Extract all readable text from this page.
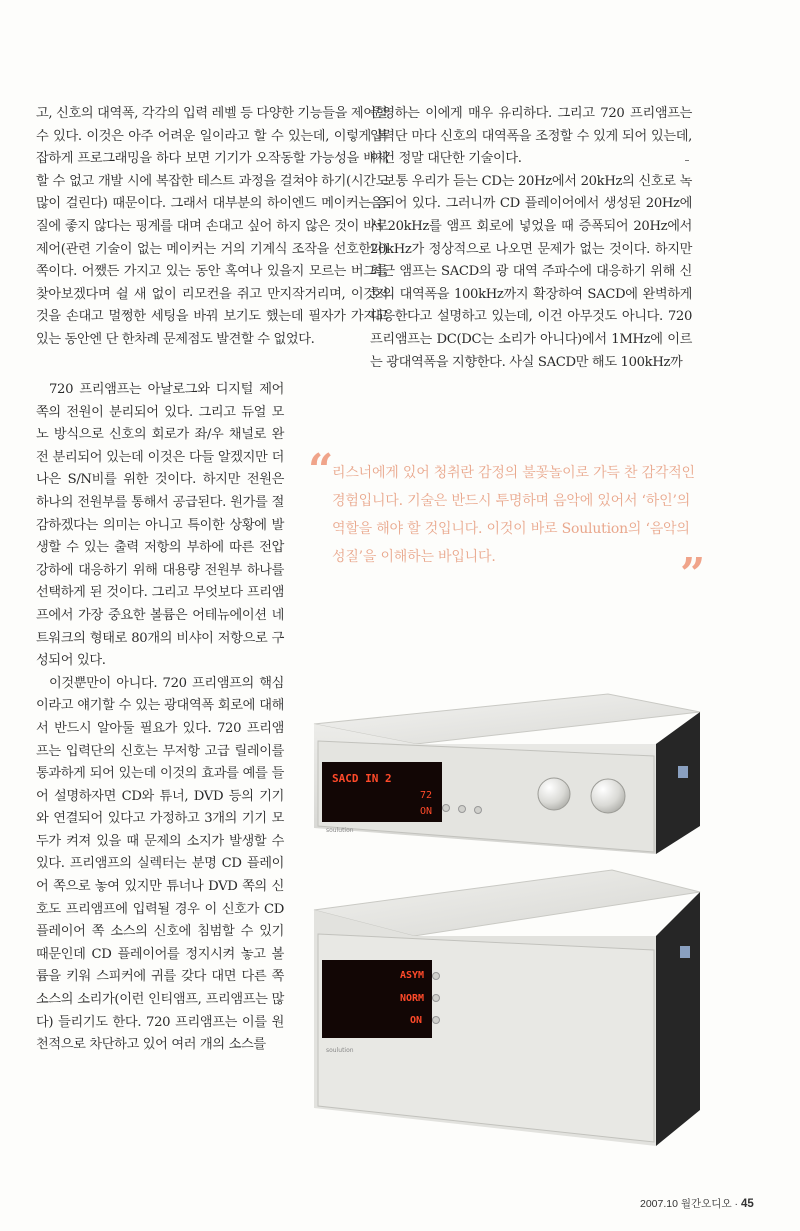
고, 신호의 대역폭, 각각의 입력 레벨 등 다양한 기능들을 제어할 수 있다. 이것은 아주 어려운 일이라고 할 수 있는데, 이렇게 복잡하게 프로그래밍을 하다 보면 기기가 오작동할 가능성을 배제할 수 없고 개발 시에 복잡한 테스트 과정을 걸쳐야 하기(시간도 많이 걸린다) 때문이다. 그래서 대부분의 하이엔드 메이커는 음질에 좋지 않다는 핑계를 대며 손대고 싶어 하지 않은 것이 바로 제어(관련 기술이 없는 메이커는 거의 기계식 조작을 선호한다) 쪽이다. 어쨌든 가지고 있는 동안 혹여나 있을지 모르는 버그를 찾아보겠다며 쉴 새 없이 리모컨을 쥐고 만지작거리며, 이것저것을 손대고 멀쩡한 세팅을 바꿔 보기도 했는데 필자가 가지고 있는 동안엔 단 한차례 문제점도 발견할 수 없었다.

운영하는 이에게 매우 유리하다. 그리고 720 프리앰프는 입력단 마다 신호의 대역폭을 조정할 수 있게 되어 있는데, 이건 정말 대단한 기술이다.

보통 우리가 듣는 CD는 20Hz에서 20kHz의 신호로 녹음되어 있다. 그러니까 CD 플레이어에서 생성된 20Hz에서 20kHz를 앰프 회로에 넣었을 때 증폭되어 20Hz에서 20kHz가 정상적으로 나오면 문제가 없는 것이다. 하지만 최근 앰프는 SACD의 광 대역 주파수에 대응하기 위해 신호의 대역폭을 100kHz까지 확장하여 SACD에 완벽하게 대응한다고 설명하고 있는데, 이건 아무것도 아니다. 720 프리앰프는 DC(DC는 소리가 아니다)에서 1MHz에 이르는 광대역폭을 지향한다. 사실 SACD만 해도 100kHz까

720 프리앰프는 아날로그와 디지털 제어 쪽의 전원이 분리되어 있다. 그리고 듀얼 모노 방식으로 신호의 회로가 좌/우 채널로 완전 분리되어 있는데 이것은 다들 알겠지만 더 나은 S/N비를 위한 것이다. 하지만 전원은 하나의 전원부를 통해서 공급된다. 원가를 절감하겠다는 의미는 아니고 특이한 상황에 발생할 수 있는 출력 저항의 부하에 따른 전압 강하에 대응하기 위해 대용량 전원부 하나를 선택하게 된 것이다. 그리고 무엇보다 프리앰프에서 가장 중요한 볼륨은 어테뉴에이션 네트워크의 형태로 80개의 비샤이 저항으로 구성되어 있다.

이것뿐만이 아니다. 720 프리앰프의 핵심이라고 얘기할 수 있는 광대역폭 회로에 대해서 반드시 알아둘 필요가 있다. 720 프리앰프는 입력단의 신호는 무저항 고급 릴레이를 통과하게 되어 있는데 이것의 효과를 예를 들어 설명하자면 CD와 튜너, DVD 등의 기기와 연결되어 있다고 가정하고 3개의 기기 모두가 켜져 있을 때 문제의 소지가 발생할 수 있다. 프리앰프의 실렉터는 분명 CD 플레이어 쪽으로 놓여 있지만 튜너나 DVD 쪽의 신호도 프리앰프에 입력될 경우 이 신호가 CD 플레이어 쪽 소스의 신호에 침범할 수 있기 때문인데 CD 플레이어를 정지시켜 놓고 볼륨을 키워 스피커에 귀를 갖다 대면 다른 쪽 소스의 소리가(이런 인티앰프, 프리앰프는 많다) 들리기도 한다. 720 프리앰프는 이를 원천적으로 차단하고 있어 여러 개의 소스를

“
리스너에게 있어 청취란 감정의 불꽃놀이로 가득 찬 감각적인 경험입니다. 기술은 반드시 투명하며 음악에 있어서 ‘하인’의 역할을 해야 할 것입니다. 이것이 바로 Soulution의 ‘음악의 성질’을 이해하는 바입니다.	”
SACD IN 2
72
ON
soulution
ASYM
NORM
ON
soulution
2007.10 월간오디오 · 45
